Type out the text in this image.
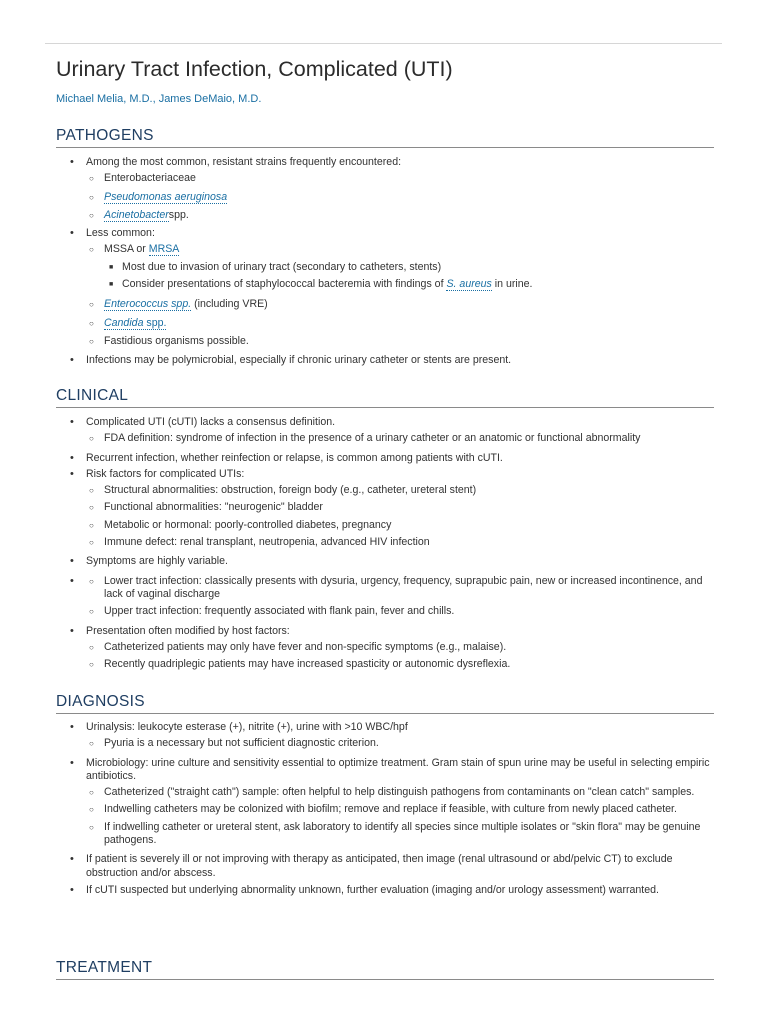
Urinary Tract Infection, Complicated (UTI)
Michael Melia, M.D., James DeMaio, M.D.
PATHOGENS
• Among the most common, resistant strains frequently encountered:
○ Enterobacteriaceae
○ Pseudomonas aeruginosa
○ Acinetobacterspp.
• Less common:
○ MSSA or MRSA
■ Most due to invasion of urinary tract (secondary to catheters, stents)
■ Consider presentations of staphylococcal bacteremia with findings of S. aureus in urine.
○ Enterococcus spp. (including VRE)
○ Candida spp.
○ Fastidious organisms possible.
• Infections may be polymicrobial, especially if chronic urinary catheter or stents are present.
CLINICAL
• Complicated UTI (cUTI) lacks a consensus definition.
○ FDA definition: syndrome of infection in the presence of a urinary catheter or an anatomic or functional abnormality
• Recurrent infection, whether reinfection or relapse, is common among patients with cUTI.
• Risk factors for complicated UTIs:
○ Structural abnormalities: obstruction, foreign body (e.g., catheter, ureteral stent)
○ Functional abnormalities: "neurogenic" bladder
○ Metabolic or hormonal: poorly-controlled diabetes, pregnancy
○ Immune defect: renal transplant, neutropenia, advanced HIV infection
• Symptoms are highly variable.
• ○ Lower tract infection: classically presents with dysuria, urgency, frequency, suprapubic pain, new or increased incontinence, and lack of vaginal discharge
○ Upper tract infection: frequently associated with flank pain, fever and chills.
• Presentation often modified by host factors:
○ Catheterized patients may only have fever and non-specific symptoms (e.g., malaise).
○ Recently quadriplegic patients may have increased spasticity or autonomic dysreflexia.
DIAGNOSIS
• Urinalysis: leukocyte esterase (+), nitrite (+), urine with >10 WBC/hpf
○ Pyuria is a necessary but not sufficient diagnostic criterion.
• Microbiology: urine culture and sensitivity essential to optimize treatment. Gram stain of spun urine may be useful in selecting empiric antibiotics.
○ Catheterized ("straight cath") sample: often helpful to help distinguish pathogens from contaminants on "clean catch" samples.
○ Indwelling catheters may be colonized with biofilm; remove and replace if feasible, with culture from newly placed catheter.
○ If indwelling catheter or ureteral stent, ask laboratory to identify all species since multiple isolates or "skin flora" may be genuine pathogens.
• If patient is severely ill or not improving with therapy as anticipated, then image (renal ultrasound or abd/pelvic CT) to exclude obstruction and/or abscess.
• If cUTI suspected but underlying abnormality unknown, further evaluation (imaging and/or urology assessment) warranted.
TREATMENT
